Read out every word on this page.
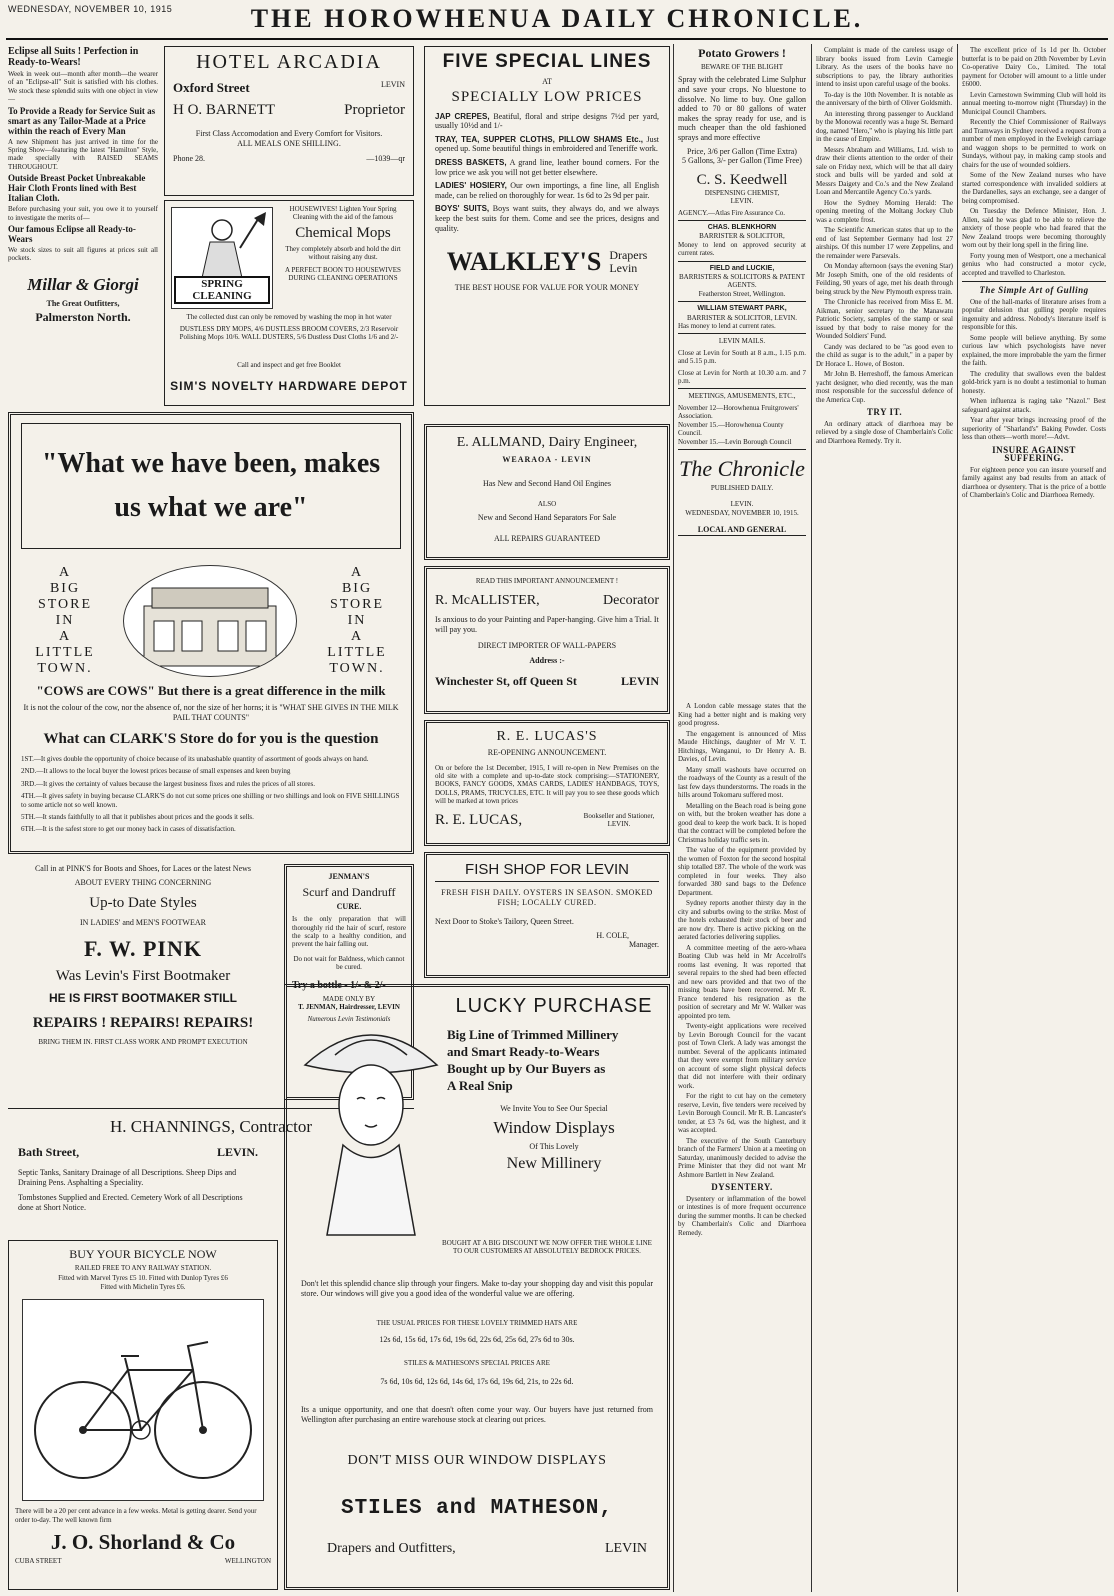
WEDNESDAY, NOVEMBER 10, 1915	THE HOROWHENUA DAILY CHRONICLE.
Eclipse all Suits ! Perfection in Ready-to-Wears!
Week in week out—month after month—the wearer of an "Eclipse-all" Suit is satisfied with his clothes. We stock these splendid suits with one object in view—
To Provide a Ready for Service Suit as smart as any Tailor-Made at a Price within the reach of Every Man
A new Shipment has just arrived in time for the Spring Show—featuring the latest "Hamilton" Style, made specially with RAISED SEAMS THROUGHOUT.
Outside Breast Pocket Unbreakable Hair Cloth Fronts lined with Best Italian Cloth.
Before purchasing your suit, you owe it to yourself to investigate the merits of—
Our famous Eclipse all Ready-to-Wears
We stock sizes to suit all figures at prices suit all pockets.
Millar & Giorgi
The Great Outfitters,
Palmerston North.
HOTEL ARCADIA
Oxford Street	LEVIN
H O. BARNETT	Proprietor
First Class Accomodation and Every Comfort for Visitors.
ALL MEALS ONE SHILLING.
Phone 28.	—1039—qr
SPRING CLEANING
HOUSEWIVES! Lighten Your Spring Cleaning with the aid of the famous
Chemical Mops
They completely absorb and hold the dirt without raising any dust.
A PERFECT BOON TO HOUSEWIVES DURING CLEANING OPERATIONS
The collected dust can only be removed by washing the mop in hot water
DUSTLESS DRY MOPS, 4/6 DUSTLESS BROOM COVERS, 2/3 Reservoir Polishing Mops 10/6. WALL DUSTERS, 5/6 Dustless Dust Cloths 1/6 and 2/-
Call and inspect and get free Booklet
SIM'S NOVELTY HARDWARE DEPOT
FIVE SPECIAL LINES
AT
SPECIALLY LOW PRICES
JAP CREPES, Beatiful, floral and stripe designs 7½d per yard, usually 10½d and 1/-
TRAY, TEA, SUPPER CLOTHS, PILLOW SHAMS Etc., Just opened up. Some beautiful things in embroidered and Teneriffe work.
DRESS BASKETS, A grand line, leather bound corners. For the low price we ask you will not get better elsewhere.
LADIES' HOSIERY, Our own importings, a fine line, all English made, can be relied on thoroughly for wear. 1s 6d to 2s 9d per pair.
BOYS' SUITS, Boys want suits, they always do, and we always keep the best suits for them. Come and see the prices, designs and quality.
WALKLEY'S Drapers
Levin
THE BEST HOUSE FOR VALUE FOR YOUR MONEY
Potato Growers !
BEWARE OF THE BLIGHT
Spray with the celebrated Lime Sulphur and save your crops. No bluestone to dissolve. No lime to buy. One gallon added to 70 or 80 gallons of water makes the spray ready for use, and is much cheaper than the old fashioned sprays and more effective
Price, 3/6 per Gallon (Time Extra)
5 Gallons, 3/- per Gallon (Time Free)
C. S. Keedwell
DISPENSING CHEMIST,
LEVIN.
AGENCY.—Atlas Fire Assurance Co.
CHAS. BLENKHORN
BARRISTER & SOLICITOR,
Money to lend on approved security at current rates.
FIELD and LUCKIE,
BARRISTERS & SOLICITORS & PATENT AGENTS.
Featherston Street, Wellington.
WILLIAM STEWART PARK,
BARRISTER & SOLICITOR, LEVIN.
Has money to lend at current rates.
LEVIN MAILS.
Close at Levin for South at 8 a.m., 1.15 p.m. and 5.15 p.m.
Close at Levin for North at 10.30 a.m. and 7 p.m.
MEETINGS, AMUSEMENTS, ETC.,
November 12—Horowhenua Fruitgrowers' Association.
November 15.—Horowhenua County Council.
November 15.—Levin Borough Council
The Chronicle
PUBLISHED DAILY.
LEVIN.
WEDNESDAY, NOVEMBER 10, 1915.
LOCAL AND GENERAL

A London cable message states that the King had a better night and is making very good progress.

The engagement is announced of Miss Maude Hitchings, daughter of Mr V. T. Hitchings, Wanganui, to Dr Henry A. B. Davies, of Levin.

Many small washouts have occurred on the roadways of the County as a result of the last few days thunderstorms. The roads in the hills around Tokomaru suffered most.

Metalling on the Beach road is being gone on with, but the broken weather has done a good deal to keep the work back. It is hoped that the contract will be completed before the Christmas holiday traffic sets in.

The value of the equipment provided by the women of Foxton for the second hospital ship totalled £87. The whole of the work was completed in four weeks. They also forwarded 380 sand bags to the Defence Department.

Sydney reports another thirsty day in the city and suburbs owing to the strike. Most of the hotels exhausted their stock of beer and are now dry. There is active picking on the aerated factories delivering supplies.

A committee meeting of the aero-whaea Boating Club was held in Mr Accelroll's rooms last evening. It was reported that several repairs to the shed had been effected and new oars provided and that two of the missing boats have been recovered. Mr R. France tendered his resignation as the position of secretary and Mr W. Walker was appointed pro tem.

Twenty-eight applications were received by Levin Borough Council for the vacant post of Town Clerk. A lady was amongst the number. Several of the applicants intimated that they were exempt from military service on account of some slight physical defects that did not interfere with their ordinary work.

For the right to cut hay on the cemetery reserve, Levin, five tenders were received by Levin Borough Council. Mr R. B. Lancaster's tender, at £3 7s 6d, was the highest, and it was accepted.

The executive of the South Canterbury branch of the Farmers' Union at a meeting on Saturday, unanimously decided to advise the Prime Minister that they did not want Mr Ashmore Bartlett in New Zealand.

DYSENTERY.

Dysentery or inflammation of the bowel or intestines is of more frequent occurrence during the summer months. It can be checked by Chamberlain's Colic and Diarrhoea Remedy.

Complaint is made of the careless usage of library books issued from Levin Carnegie Library. As the users of the books have no subscriptions to pay, the library authorities intend to insist upon careful usage of the books.

To-day is the 10th November. It is notable as the anniversary of the birth of Oliver Goldsmith.

An interesting throng passenger to Auckland by the Monowai recently was a huge St. Bernard dog, named "Hero," who is playing his little part in the cause of Empire.

Messrs Abraham and Williams, Ltd. wish to draw their clients attention to the order of their sale on Friday next, which will be that all dairy stock and bulls will be yarded and sold at Messrs Daigety and Co.'s and the New Zealand Loan and Mercantile Agency Co.'s yards.

How the Sydney Morning Herald: The opening meeting of the Moltang Jockey Club was a complete frost.

The Scientific American states that up to the end of last September Germany had lost 27 airships. Of this number 17 were Zeppelins, and the remainder were Parsevals.

On Monday afternoon (says the evening Star) Mr Joseph Smith, one of the old residents of Feilding, 90 years of age, met his death through being struck by the New Plymouth express train.

The Chronicle has received from Miss E. M. Aikman, senior secretary to the Manawatu Patriotic Society, samples of the stamp or seal issued by that body to raise money for the Wounded Soldiers' Fund.

Candy was declared to be "as good even to the child as sugar is to the adult," in a paper by Dr Horace L. Howe, of Boston.

Mr John B. Herreshoff, the famous American yacht designer, who died recently, was the man most responsible for the successful defence of the America Cup.

TRY IT.

An ordinary attack of diarrhoea may be relieved by a single dose of Chamberlain's Colic and Diarrhoea Remedy. Try it.

The excellent price of 1s 1d per lb. October butterfat is to be paid on 20th November by Levin Co-operative Dairy Co., Limited. The total payment for October will amount to a little under £6000.

Levin Carnestown Swimming Club will hold its annual meeting to-morrow night (Thursday) in the Municipal Council Chambers.

Recently the Chief Commissioner of Railways and Tramways in Sydney received a request from a number of men employed in the Eveleigh carriage and waggon shops to be permitted to work on Sundays, without pay, in making camp stools and chairs for the use of wounded soldiers.

Some of the New Zealand nurses who have started correspondence with invalided soldiers at the Dardanelles, says an exchange, see a danger of being compromised.

On Tuesday the Defence Minister, Hon. J. Allen, said he was glad to be able to relieve the anxiety of those people who had feared that the New Zealand troops were becoming thoroughly worn out by their long spell in the firing line.

Forty young men of Westport, one a mechanical genius who had constructed a motor cycle, accepted and travelled to Charleston.

The Simple Art of Gulling

One of the hall-marks of literature arises from a popular delusion that gulling people requires ingenuity and address. Nobody's literature itself is responsible for this.

Some people will believe anything. By some curious law which psychologists have never explained, the more improbable the yarn the firmer the faith.

The credulity that swallows even the baldest gold-brick yarn is no doubt a testimonial to human honesty.

When influenza is raging take "Nazol." Best safeguard against attack.

Year after year brings increasing proof of the superiority of "Sharland's" Baking Powder. Costs less than others—worth more!—Advt.

INSURE AGAINST SUFFERING.

For eighteen pence you can insure yourself and family against any bad results from an attack of diarrhoea or dysentery. That is the price of a bottle of Chamberlain's Colic and Diarrhoea Remedy.

"What we have been, makes
us what we are"
A
BIG
STORE
IN
A
LITTLE
TOWN.
A
BIG
STORE
IN
A
LITTLE
TOWN.
"COWS are COWS" But there is a great difference in the milk
It is not the colour of the cow, nor the absence of, nor the size of her horns; it is "WHAT SHE GIVES IN THE MILK PAIL THAT COUNTS"
What can CLARK'S Store do for you is the question
1ST.—It gives double the opportunity of choice because of its unabashable quantity of assortment of goods always on hand.
2ND.—It allows to the local buyer the lowest prices because of small expenses and keen buying
3RD.—It gives the certainty of values because the largest business fixes and rules the prices of all stores.
4TH.—It gives safety in buying because CLARK'S do not cut some prices one shilling or two shillings and look on FIVE SHILLINGS to some article not so well known.
5TH.—It stands faithfully to all that it publishes about prices and the goods it sells.
6TH.—It is the safest store to get our money back in cases of dissatisfaction.
E. ALLMAND, Dairy Engineer,
WEARAOA - LEVIN
Has New and Second Hand Oil Engines
ALSO
New and Second Hand Separators For Sale
ALL REPAIRS GUARANTEED
READ THIS IMPORTANT ANNOUNCEMENT !
R. McALLISTER,	Decorator
Is anxious to do your Painting and Paper-hanging. Give him a Trial. It will pay you.
DIRECT IMPORTER OF WALL-PAPERS
Address :-
Winchester St, off Queen St	LEVIN
R. E. LUCAS'S
RE-OPENING ANNOUNCEMENT.
On or before the 1st December, 1915, I will re-open in New Premises on the old site with a complete and up-to-date stock comprising:—STATIONERY, BOOKS, FANCY GOODS, XMAS CARDS, LADIES' HANDBAGS, TOYS, DOLLS, PRAMS, TRICYCLES, ETC. It will pay you to see these goods which will be marked at town prices
R. E. LUCAS,	Bookseller and Stationer, LEVIN.
FISH SHOP FOR LEVIN
FRESH FISH DAILY. OYSTERS IN SEASON. SMOKED FISH; LOCALLY CURED.
Next Door to Stoke's Tailory, Queen Street.
H. COLE,
Manager.
Call in at PINK'S for Boots and Shoes, for Laces or the latest News
ABOUT EVERY THING CONCERNING
Up-to Date Styles
IN LADIES' and MEN'S FOOTWEAR
F. W. PINK
Was Levin's First Bootmaker
HE IS FIRST BOOTMAKER STILL
REPAIRS ! REPAIRS! REPAIRS!
BRING THEM IN. FIRST CLASS WORK AND PROMPT EXECUTION
JENMAN'S
Scurf and Dandruff
CURE.
Is the only preparation that will thoroughly rid the hair of scurf, restore the scalp to a healthy condition, and prevent the hair falling out.
Do not wait for Baldness, which cannot be cured.
Try a bottle - 1/- & 2/-
MADE ONLY BY
T. JENMAN, Hairdresser, LEVIN
Numerous Levin Testimonials
H. CHANNINGS, Contractor
Bath Street,	LEVIN.
Septic Tanks, Sanitary Drainage of all Descriptions. Sheep Dips and Draining Pens. Asphalting a Speciality.
Tombstones Supplied and Erected. Cemetery Work of all Descriptions done at Short Notice.
BUY YOUR BICYCLE NOW
RAILED FREE TO ANY RAILWAY STATION.
Fitted with Marvel Tyres £5 10. Fitted with Dunlop Tyres £6
Fitted with Michelin Tyres £6.
There will be a 20 per cent advance in a few weeks. Metal is getting dearer. Send your order to-day. The well known firm
J. O. Shorland & Co
CUBA STREET	WELLINGTON
LUCKY PURCHASE
Big Line of Trimmed Millinery
and Smart Ready-to-Wears
Bought up by Our Buyers as
A Real Snip
We Invite You to See Our Special
Window Displays
Of This Lovely
New Millinery
BOUGHT AT A BIG DISCOUNT WE NOW OFFER THE WHOLE LINE TO OUR CUSTOMERS AT ABSOLUTELY BEDROCK PRICES.
Don't let this splendid chance slip through your fingers. Make to-day your shopping day and visit this popular store. Our windows will give you a good idea of the wonderful value we are offering.
THE USUAL PRICES FOR THESE LOVELY TRIMMED HATS ARE
12s 6d, 15s 6d, 17s 6d, 19s 6d, 22s 6d, 25s 6d, 27s 6d to 30s.
STILES & MATHESON'S SPECIAL PRICES ARE
7s 6d, 10s 6d, 12s 6d, 14s 6d, 17s 6d, 19s 6d, 21s, to 22s 6d.
Its a unique opportunity, and one that doesn't often come your way. Our buyers have just returned from Wellington after purchasing an entire warehouse stock at clearing out prices.
DON'T MISS OUR WINDOW DISPLAYS
STILES and MATHESON,
Drapers and Outfitters,	LEVIN
